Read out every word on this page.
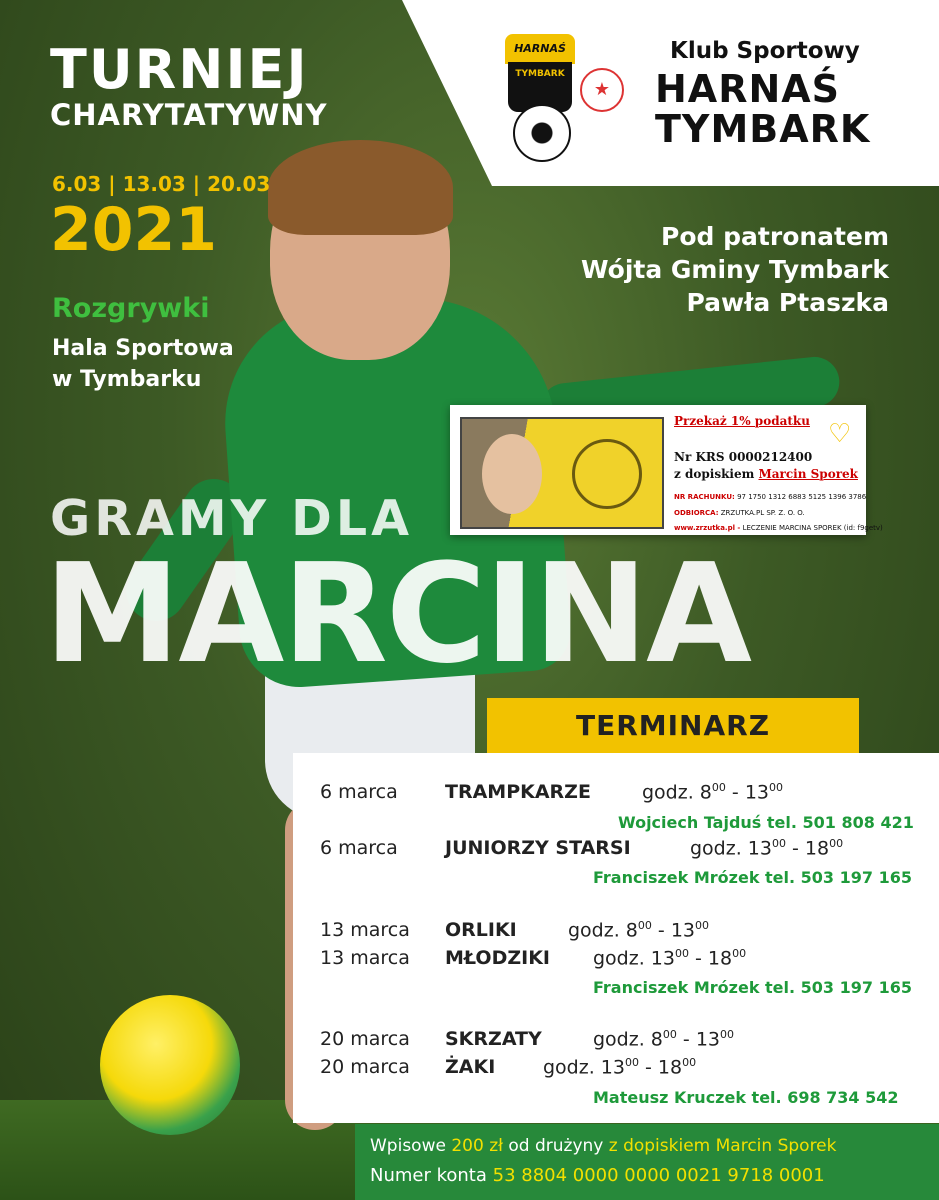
TURNIEJ
CHARYTATYWNY
6.03 | 13.03 | 20.03
2021
Rozgrywki
Hala Sportowa
w Tymbarku
HARNAŚ
TYMBARK
★
Klub Sportowy
HARNAŚ
TYMBARK
Pod patronatem
Wójta Gminy Tymbark
Pawła Ptaszka
GRAMY DLA
MARCINA
Przekaż 1% podatku ♡
Nr KRS 0000212400
z dopiskiem Marcin Sporek
NR RACHUNKU: 97 1750 1312 6883 5125 1396 3786
ODBIORCA: ZRZUTKA.PL SP. Z. O. O.
www.zrzutka.pl - LECZENIE MARCINA SPOREK (id: f9getv)
TERMINARZ
6 marca TRAMPKARZE	godz. $8^{00} - 13^{00}$
Wojciech Tajduś tel. 501 808 421
6 marca JUNIORZY STARSI	godz. $13^{00} - 18^{00}$
Franciszek Mrózek tel. 503 197 165
13 marca ORLIKI	godz. $8^{00} - 13^{00}$
13 marca MŁODZIKI godz. $13^{00} - 18^{00}$
Franciszek Mrózek tel. 503 197 165
20 marca SKRZATY	godz. $8^{00} - 13^{00}$
20 marca ŻAKI	godz. $13^{00} - 18^{00}$
Mateusz Kruczek tel. 698 734 542
Wpisowe 200 zł od drużyny z dopiskiem Marcin Sporek
Numer konta 53 8804 0000 0000 0021 9718 0001
